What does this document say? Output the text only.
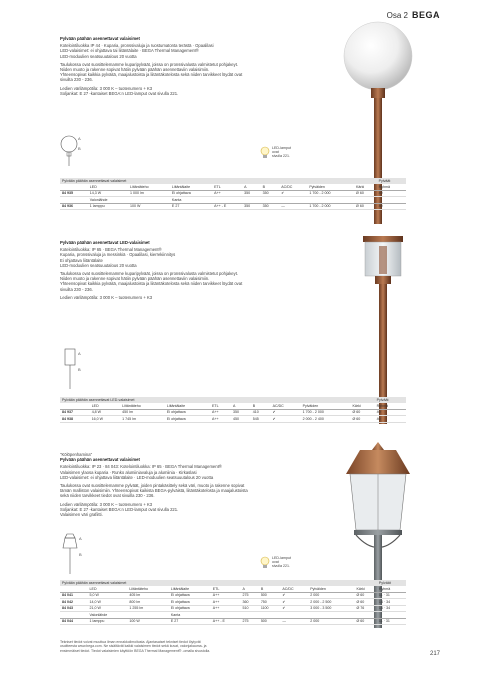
Osa 2 BEGA
Pylvään päähän asennettavat valaisimet
Kotelointiluokka IP 44 · Kuparia, pronssivaluja ja ruostumatonta terästä · Opaalilasi
LED-valaisimet: ei ohjattava tai liitäntälaite · BEGA Thermal Management®
LED-moduulien seatsuuutalous 20 vuotta
Taulukossa ovat suosittelemamme kuparipylväät, joissa on pronssivalusta valmistetut pohjakeyt.
Niiden muoto ja rakenne sopivat hätiin pylvään päähän asennettaviin valaisimiin.
Yhteensopivat kaikkia pylväitä, maajalustoista ja liitäntäkotelosta sekä niiden tarvikkeet löydät ovat
sivuilta 230 - 236.
Ledien värilämpötila: 3 000 K – tuotenumero + K3
Soljankat: E 27 -kantaiset BEGA:n LED-lamput ovat sivulla 221.
A
B	LED-lamput
ovat
sivulla 221.
Pylvään päähän asennettavat valaisimet										Pylväät
	LED	Liitäntäteho	Liitäntälaite	ETL	A	B	AC/DC	Pylväiden	Kärki	Ryhmä
84 935	14,3 W	1 000 lm	Ei ohjattava	A++	350	350	✔	1 700 - 2 000	Ø 60	40
	Valonlähde		Kanta							
84 936	1 lamppu	100 W	E 27	A++ - E	350	350	—	1 700 - 2 000	Ø 60	40
Pylvään päähän asennettavat LED-valaisimet
Kotelointiluokka: IP 65 · BEGA Thermal Management®
Kuparia, pronssivaluja ja messinkiä · Opaalilasi, kierrekiinnitys
Ei ohjattava liitäntälaite
LED-moduulien seatsuuutalous 20 vuotta
Taulukossa ovat suosittelemamme kuparipylväät, joissa on pronssivalusta valmistetut pohjakeyt.
Niiden muoto ja rakenne sopivat hätiin pylvään päähän asennettaviin valaisimiin.
Yhteensopivat kaikkia pylväitä, maajalustoista ja liitäntäkotelosta sekä niiden tarvikkeet löydät ovat
sivuilta 230 - 236.
Ledien värilämpötila: 3 000 K – tuotenumero + K3
A
B
Pylvään päähän asennettavat LED-valaisimet										Pylväät
	LED	Liitäntäteho	Liitäntälaite	ETL	A	B	AC/DC	Pylväiden	Kärki	Ryhmä
84 937	4,8 W	450 lm	Ei ohjattava	A++	350	410	✔	1 700 - 2 000	Ø 60	40
84 938	16,0 W	1 745 lm	Ei ohjattava	A++	450	545	✔	2 000 - 2 400	Ø 60	40
"Kölöpenhamina"
Pylvään päähän asennettavat valaisimet
Kotelointiluokka: IP 23 · 84 043: Kotelointiluokka: IP 65 · BEGA Thermal Management®
Valaisimen ylaosa kuparia · Runko alumiiniavaluja ja alumiinia · Kirkaslasi
LED-valaisimet: ei ohjattava liitäntälaite · LED-moduulien seatsuuutalous 20 vuotta
Taulukossa ovat suosittelemamme pylväät, joiden pintakäsittely sekä väri, muoto ja rakenne sopivat
tämän malliston valaisimiin. Yhteensopivat kaikista BEGA-pylväistä, liitäntäkotelosta ja maajalustoista
sekä niiden tarvikkeet tiedot ovat sivuilla 230 - 236.
Ledien värilämpötila: 3 000 K – tuotenumero + K3
Soljankat: E 27 -kantaiset BEGA:n LED-lamput ovat sivulla 221.
Valaisimen väri grafiitti.
A
B
LED-lamput
ovat
sivulla 221.
Pylvään päähän asennettavat valaisimet										Pylväät
	LED	Liitäntäteho	Liitäntälaite	ETL	A	B	AC/DC	Pylväiden	Kärki	Ryhmä
84 041	5,0 W	405 lm	Ei ohjattava	A++	275	500	✔	2 000	Ø 60	11 · 31
84 042	14,0 W	800 lm	Ei ohjattava	A++	360	750	✔	2 000 - 2 500	Ø 60	14 · 34
84 043	21,0 W	1 255 lm	Ei ohjattava	A++	510	1100	✔	3 000 - 3 500	Ø 76	14 · 34
	Valonlähde		Kanta							
84 044	1 lamppu	100 W	E 27	A++ - E	275	500	—	2 000	Ø 60	11 · 31
Tekniset tiedot voivat muuttua ilman ennakkoilmoitusta. Ajantasaiset tekniset tiedot löytyvät
osoitteesta www.bega.com. Ne sisältävät kaikki valaisimen tiedot sekä kuvat, valonjakauma- ja
ensimmäiset tiedot. Tiedot valaisimien käyttöön BEGA Thermal Management® -omalla sivustolla.
217
